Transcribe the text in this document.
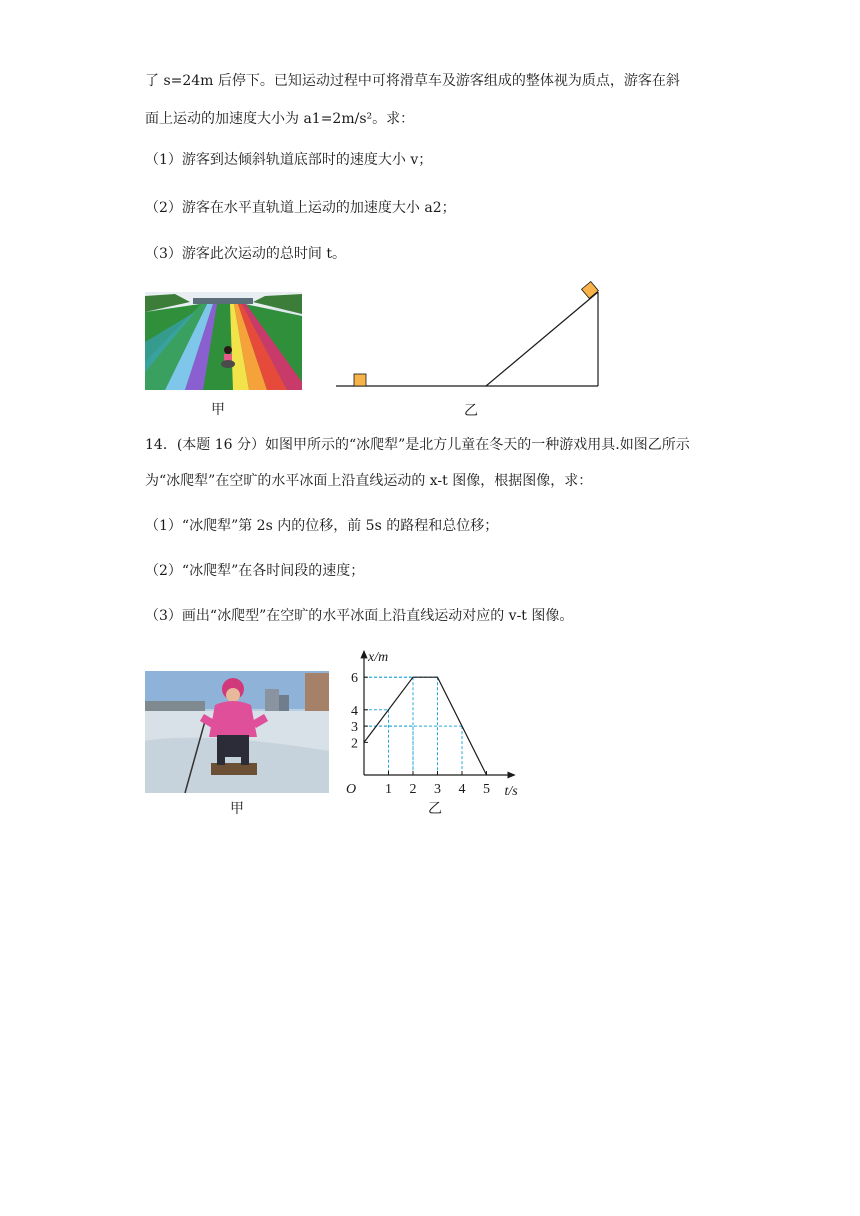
了 s=24m 后停下。已知运动过程中可将滑草车及游客组成的整体视为质点，游客在斜
面上运动的加速度大小为 a1=2m/s²。求：
（1）游客到达倾斜轨道底部时的速度大小 v；
（2）游客在水平直轨道上运动的加速度大小 a2；
（3）游客此次运动的总时间 t。
甲	乙
14．(本题 16 分）如图甲所示的“冰爬犁”是北方儿童在冬天的一种游戏用具.如图乙所示
为“冰爬犁”在空旷的水平冰面上沿直线运动的 x-t 图像，根据图像，求：
（1）“冰爬犁”第 2s 内的位移，前 5s 的路程和总位移；
（2）“冰爬犁”在各时间段的速度；
（3）画出“冰爬型”在空旷的水平冰面上沿直线运动对应的 v-t 图像。
甲
1 2 3 4 5
2
3
4
6
x/m
t/s
O
乙
